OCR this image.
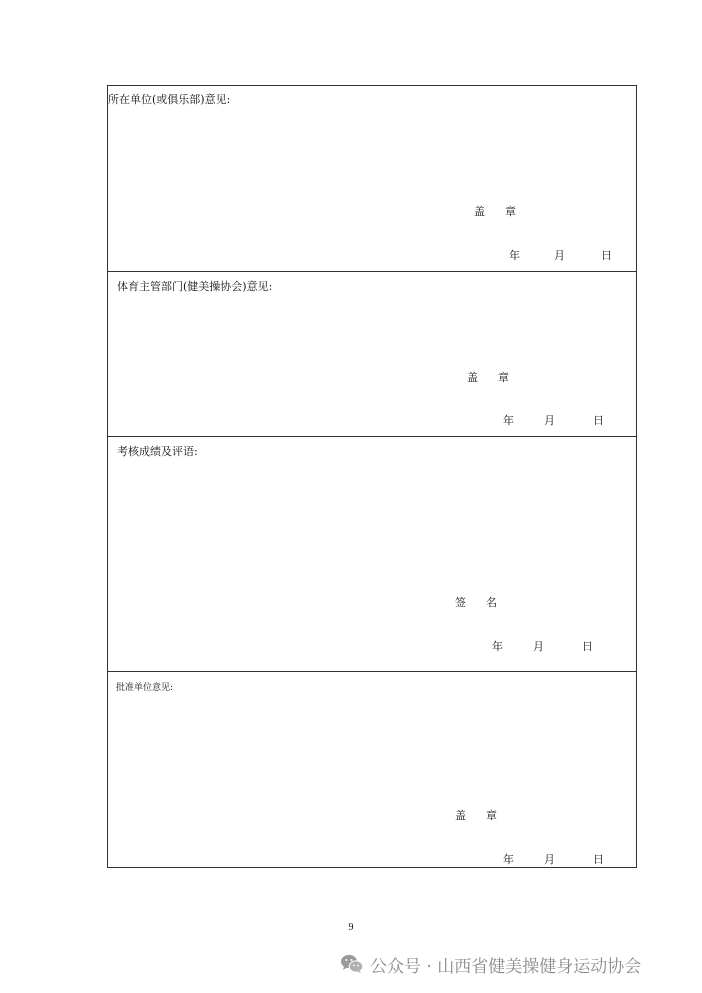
所在单位(或俱乐部)意见:
盖 章
年	月	日
体育主管部门(健美操协会)意见:
盖 章
年	月	日
考核成绩及评语:
签 名
年	月	日
批准单位意见:
盖 章
年	月	日
9
公众号 · 山西省健美操健身运动协会
